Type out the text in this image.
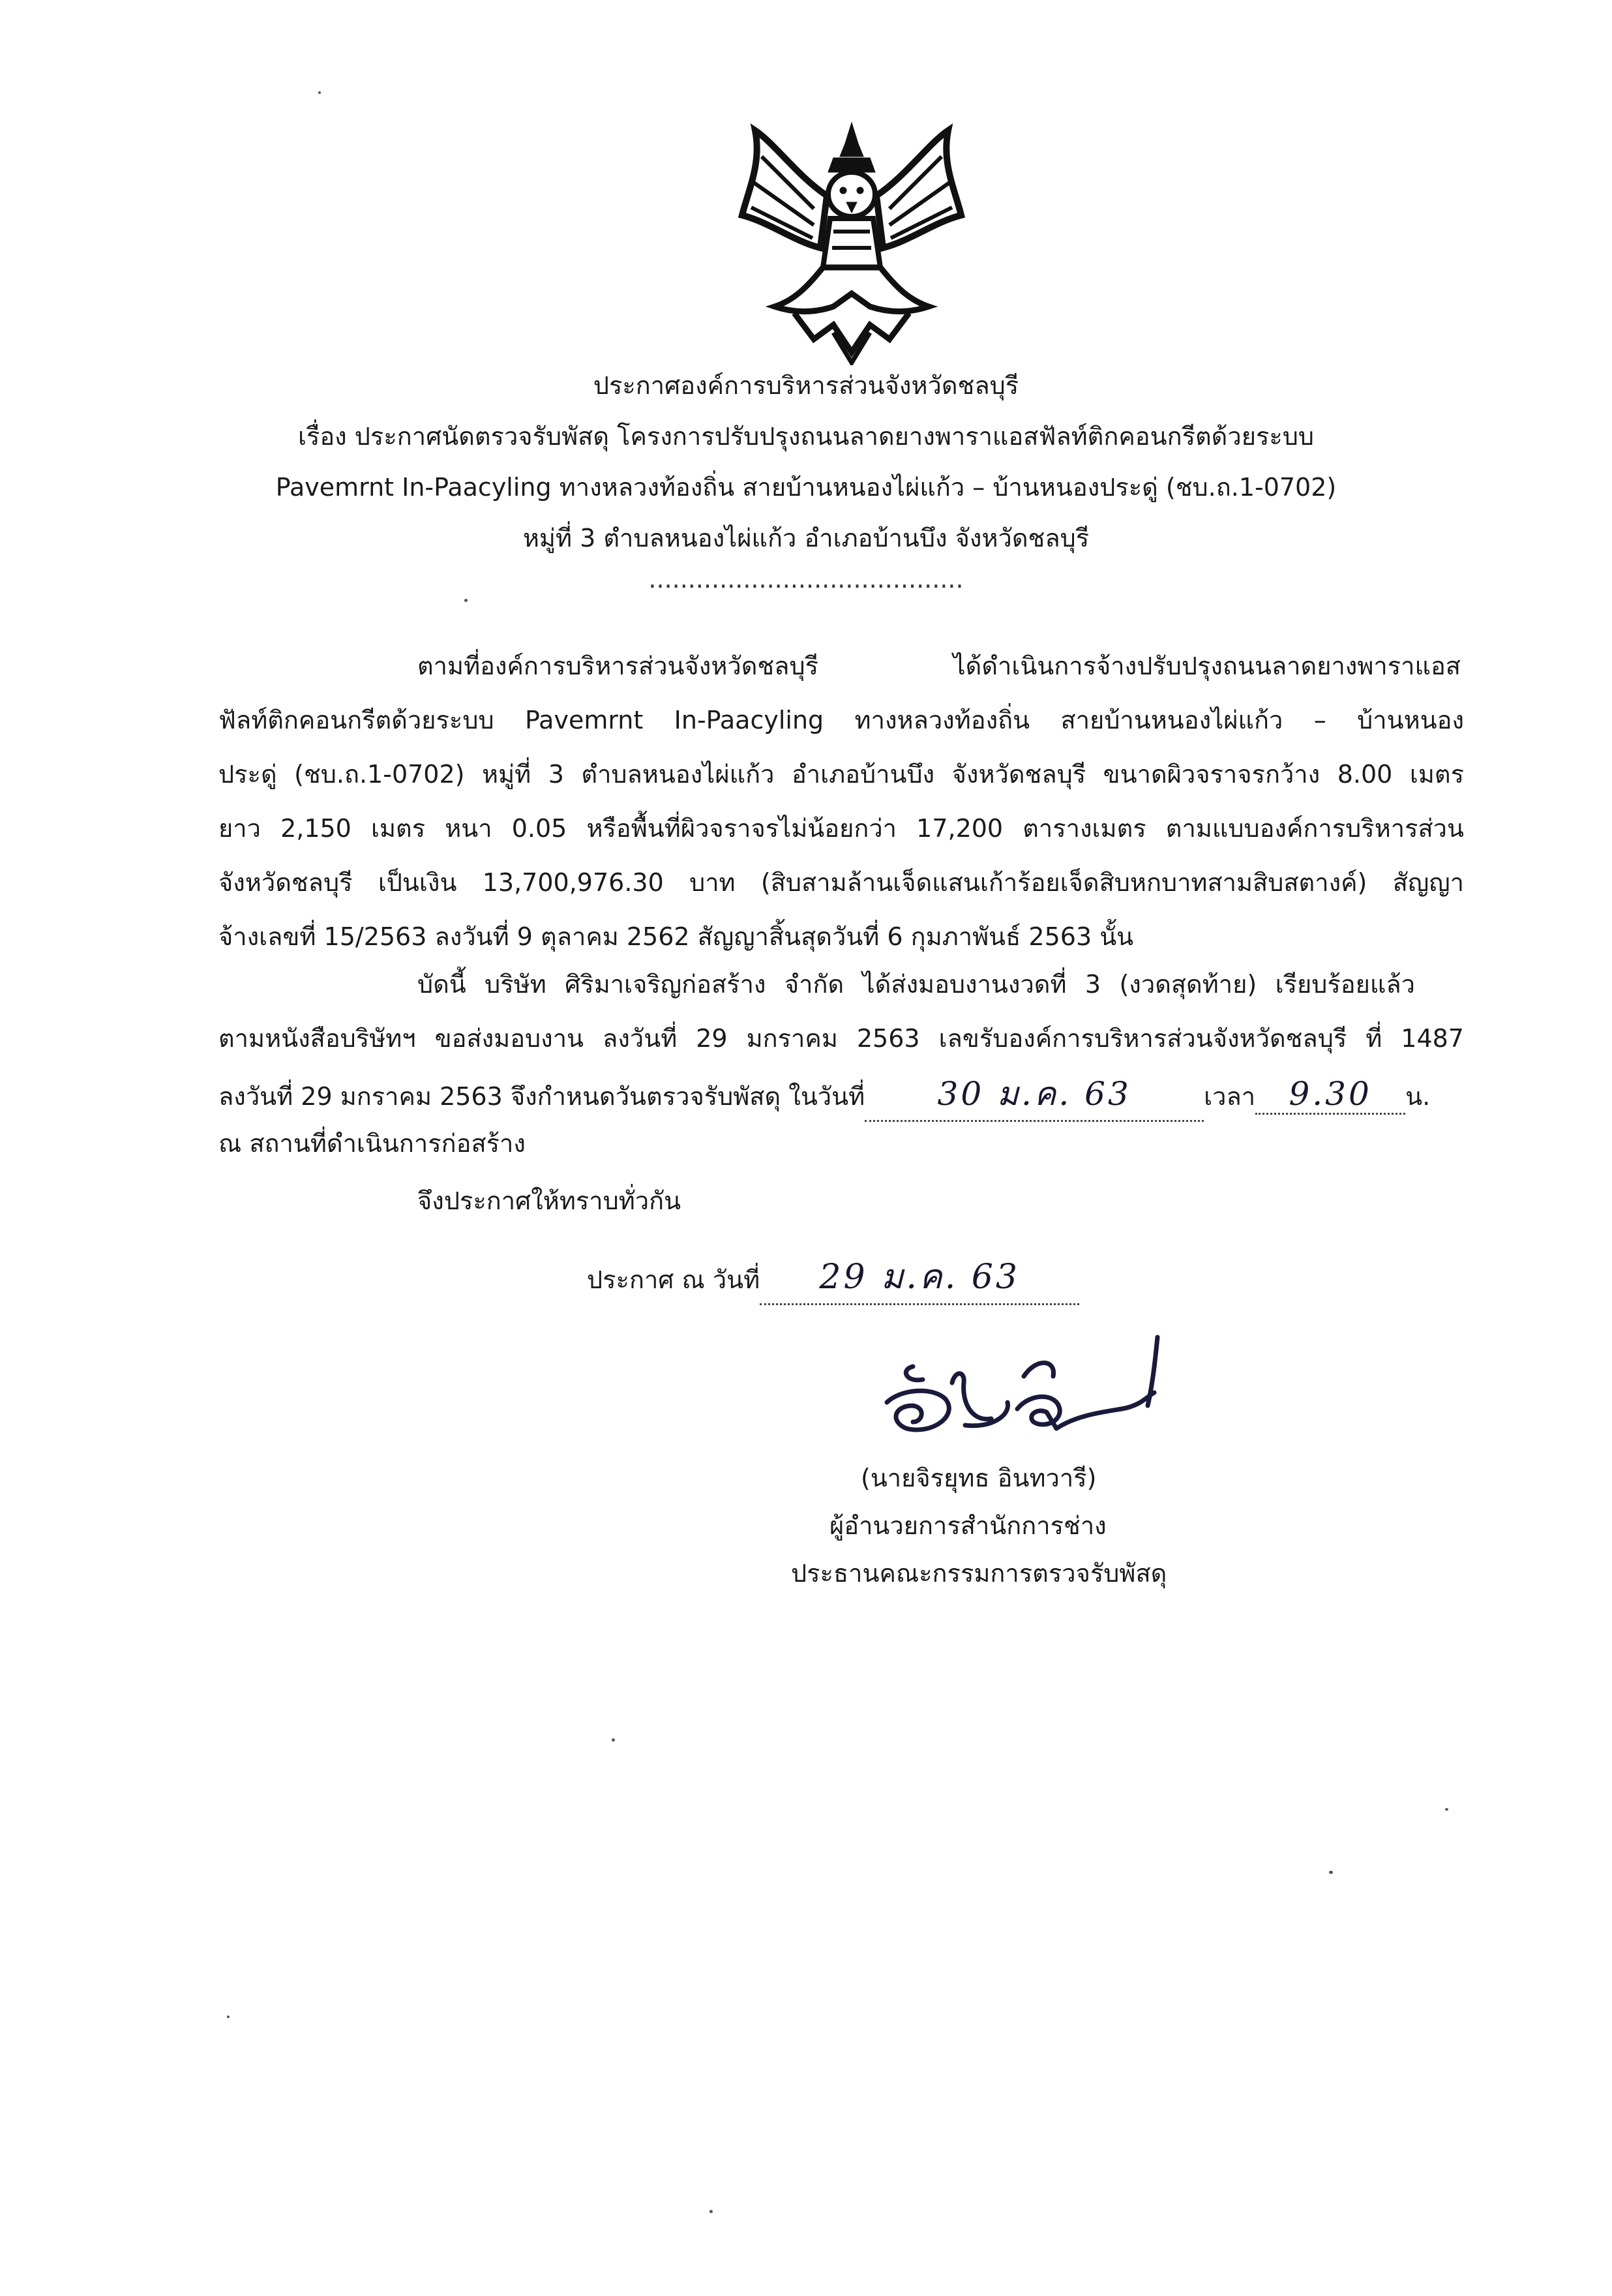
ประกาศองค์การบริหารส่วนจังหวัดชลบุรี
เรื่อง ประกาศนัดตรวจรับพัสดุ โครงการปรับปรุงถนนลาดยางพาราแอสฟัลท์ติกคอนกรีตด้วยระบบ
Pavemrnt In-Paacyling ทางหลวงท้องถิ่น สายบ้านหนองไผ่แก้ว – บ้านหนองประดู่ (ชบ.ถ.1-0702)
หมู่ที่ 3 ตำบลหนองไผ่แก้ว อำเภอบ้านบึง จังหวัดชลบุรี
........................................
ตามที่องค์การบริหารส่วนจังหวัดชลบุรี ได้ดำเนินการจ้างปรับปรุงถนนลาดยางพาราแอส
ฟัลท์ติกคอนกรีตด้วยระบบ Pavemrnt In-Paacyling ทางหลวงท้องถิ่น สายบ้านหนองไผ่แก้ว – บ้านหนอง
ประดู่ (ชบ.ถ.1-0702) หมู่ที่ 3 ตำบลหนองไผ่แก้ว อำเภอบ้านบึง จังหวัดชลบุรี ขนาดผิวจราจรกว้าง 8.00 เมตร
ยาว 2,150 เมตร หนา 0.05 หรือพื้นที่ผิวจราจรไม่น้อยกว่า 17,200 ตารางเมตร ตามแบบองค์การบริหารส่วน
จังหวัดชลบุรี เป็นเงิน 13,700,976.30 บาท (สิบสามล้านเจ็ดแสนเก้าร้อยเจ็ดสิบหกบาทสามสิบสตางค์) สัญญา
จ้างเลขที่ 15/2563 ลงวันที่ 9 ตุลาคม 2562 สัญญาสิ้นสุดวันที่ 6 กุมภาพันธ์ 2563 นั้น
บัดนี้ บริษัท ศิริมาเจริญก่อสร้าง จำกัด ได้ส่งมอบงานงวดที่ 3 (งวดสุดท้าย) เรียบร้อยแล้ว
ตามหนังสือบริษัทฯ ขอส่งมอบงาน ลงวันที่ 29 มกราคม 2563 เลขรับองค์การบริหารส่วนจังหวัดชลบุรี ที่ 1487
ลงวันที่ 29 มกราคม 2563 จึงกำหนดวันตรวจรับพัสดุ ในวันที่ 30 ม.ค. 63	เวลา 9.30 น.
ณ สถานที่ดำเนินการก่อสร้าง
จึงประกาศให้ทราบทั่วกัน
ประกาศ ณ วันที่ 29 ม.ค. 63
(นายจิรยุทธ อินทวารี)
ผู้อำนวยการสำนักการช่าง
ประธานคณะกรรมการตรวจรับพัสดุ
